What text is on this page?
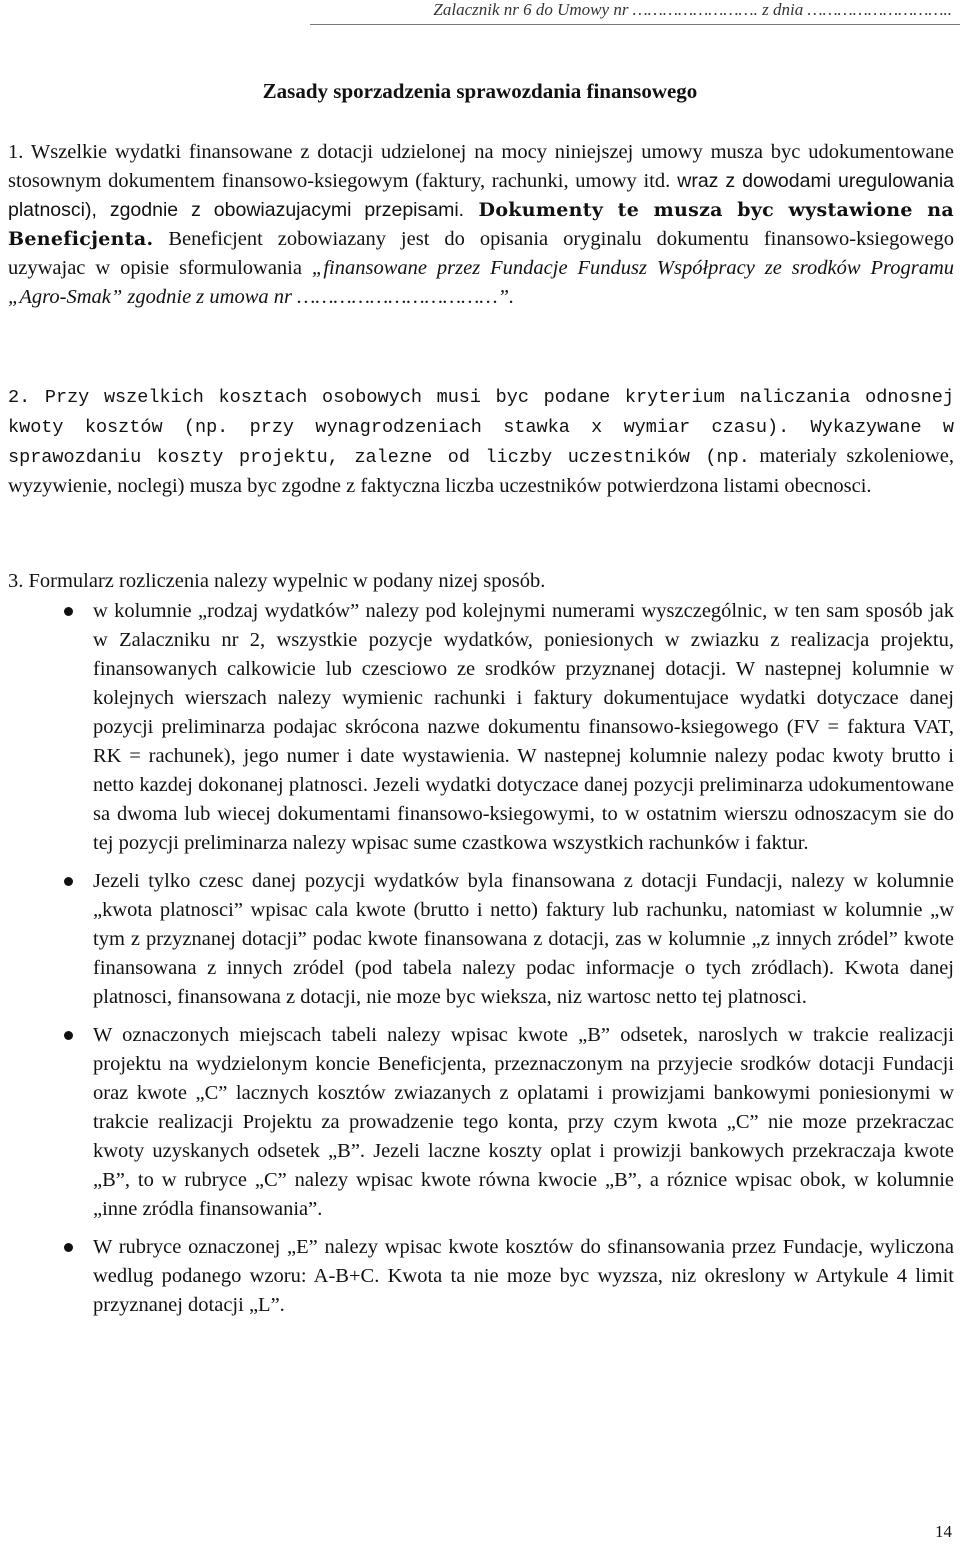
Zalacznik nr 6 do Umowy nr ……………………. z dnia ………………………..
Zasady sporzadzenia sprawozdania finansowego

1. Wszelkie wydatki finansowane z dotacji udzielonej na mocy niniejszej umowy musza byc udokumentowane stosownym dokumentem finansowo-ksiegowym (faktury, rachunki, umowy itd. wraz z dowodami uregulowania platnosci), zgodnie z obowiazujacymi przepisami. Dokumenty te musza byc wystawione na Beneficjenta. Beneficjent zobowiazany jest do opisania oryginalu dokumentu finansowo-ksiegowego uzywajac w opisie sformulowania „finansowane przez Fundacje Fundusz Współpracy ze srodków Programu „Agro-Smak” zgodnie z umowa nr ……………………………”.

2. Przy wszelkich kosztach osobowych musi byc podane kryterium naliczania odnosnej kwoty kosztów (np. przy wynagrodzeniach stawka x wymiar czasu). Wykazywane w sprawozdaniu koszty projektu, zalezne od liczby uczestników (np. materialy szkoleniowe, wyzywienie, noclegi) musza byc zgodne z faktyczna liczba uczestników potwierdzona listami obecnosci.

3. Formularz rozliczenia nalezy wypelnic w podany nizej sposób.
w kolumnie „rodzaj wydatków” nalezy pod kolejnymi numerami wyszczególnic, w ten sam sposób jak w Zalaczniku nr 2, wszystkie pozycje wydatków, poniesionych w zwiazku z realizacja projektu, finansowanych calkowicie lub czesciowo ze srodków przyznanej dotacji. W nastepnej kolumnie w kolejnych wierszach nalezy wymienic rachunki i faktury dokumentujace wydatki dotyczace danej pozycji preliminarza podajac skrócona nazwe dokumentu finansowo-ksiegowego (FV = faktura VAT, RK = rachunek), jego numer i date wystawienia. W nastepnej kolumnie nalezy podac kwoty brutto i netto kazdej dokonanej platnosci. Jezeli wydatki dotyczace danej pozycji preliminarza udokumentowane sa dwoma lub wiecej dokumentami finansowo-ksiegowymi, to w ostatnim wierszu odnoszacym sie do tej pozycji preliminarza nalezy wpisac sume czastkowa wszystkich rachunków i faktur.
Jezeli tylko czesc danej pozycji wydatków byla finansowana z dotacji Fundacji, nalezy w kolumnie „kwota platnosci” wpisac cala kwote (brutto i netto) faktury lub rachunku, natomiast w kolumnie „w tym z przyznanej dotacji” podac kwote finansowana z dotacji, zas w kolumnie „z innych zródel” kwote finansowana z innych zródel (pod tabela nalezy podac informacje o tych zródlach). Kwota danej platnosci, finansowana z dotacji, nie moze byc wieksza, niz wartosc netto tej platnosci.
W oznaczonych miejscach tabeli nalezy wpisac kwote „B” odsetek, naroslych w trakcie realizacji projektu na wydzielonym koncie Beneficjenta, przeznaczonym na przyjecie srodków dotacji Fundacji oraz kwote „C” lacznych kosztów zwiazanych z oplatami i prowizjami bankowymi poniesionymi w trakcie realizacji Projektu za prowadzenie tego konta, przy czym kwota „C” nie moze przekraczac kwoty uzyskanych odsetek „B”. Jezeli laczne koszty oplat i prowizji bankowych przekraczaja kwote „B”, to w rubryce „C” nalezy wpisac kwote równa kwocie „B”, a róznice wpisac obok, w kolumnie „inne zródla finansowania”.
W rubryce oznaczonej „E” nalezy wpisac kwote kosztów do sfinansowania przez Fundacje, wyliczona wedlug podanego wzoru: A-B+C. Kwota ta nie moze byc wyzsza, niz okreslony w Artykule 4 limit przyznanej dotacji „L”.
14
